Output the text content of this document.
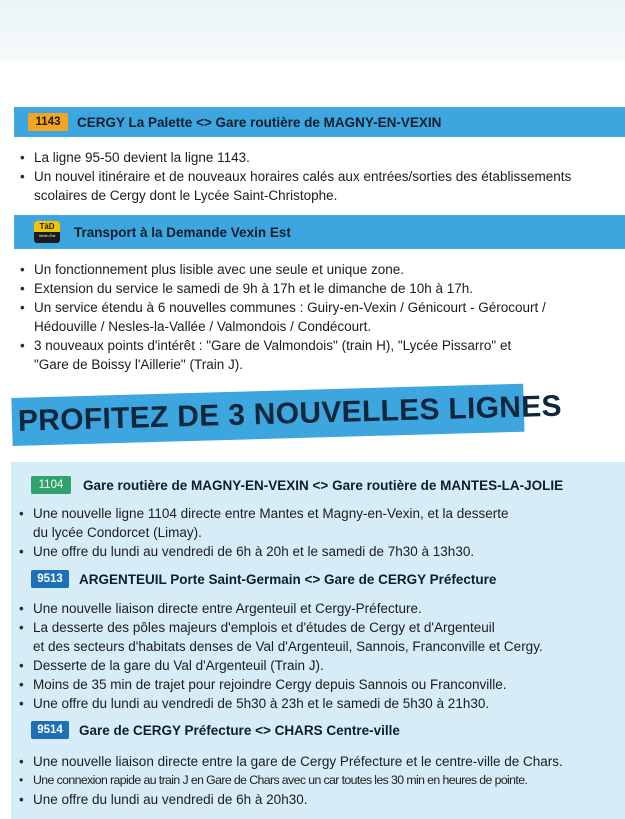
1143	CERGY La Palette <> Gare routière de MAGNY-EN-VEXIN
• La ligne 95-50 devient la ligne 1143.
• Un nouvel itinéraire et de nouveaux horaires calés aux entrées/sorties des établissements
scolaires de Cergy dont le Lycée Saint-Christophe.
TàD
Vexin Est Transport à la Demande Vexin Est
• Un fonctionnement plus lisible avec une seule et unique zone.
• Extension du service le samedi de 9h à 17h et le dimanche de 10h à 17h.
• Un service étendu à 6 nouvelles communes : Guiry-en-Vexin / Génicourt - Gérocourt /
Hédouville / Nesles-la-Vallée / Valmondois / Condécourt.
• 3 nouveaux points d'intérêt : "Gare de Valmondois" (train H), "Lycée Pissarro" et
"Gare de Boissy l'Aillerie" (Train J).
PROFITEZ DE 3 NOUVELLES LIGNES
1104	Gare routière de MAGNY-EN-VEXIN <> Gare routière de MANTES-LA-JOLIE
• Une nouvelle ligne 1104 directe entre Mantes et Magny-en-Vexin, et la desserte
du lycée Condorcet (Limay).
• Une offre du lundi au vendredi de 6h à 20h et le samedi de 7h30 à 13h30.
9513	ARGENTEUIL Porte Saint-Germain <> Gare de CERGY Préfecture
• Une nouvelle liaison directe entre Argenteuil et Cergy-Préfecture.
• La desserte des pôles majeurs d'emplois et d'études de Cergy et d'Argenteuil
et des secteurs d'habitats denses de Val d'Argenteuil, Sannois, Franconville et Cergy.
• Desserte de la gare du Val d'Argenteuil (Train J).
• Moins de 35 min de trajet pour rejoindre Cergy depuis Sannois ou Franconville.
• Une offre du lundi au vendredi de 5h30 à 23h et le samedi de 5h30 à 21h30.
9514	Gare de CERGY Préfecture <> CHARS Centre-ville
• Une nouvelle liaison directe entre la gare de Cergy Préfecture et le centre-ville de Chars.
• Une connexion rapide au train J en Gare de Chars avec un car toutes les 30 min en heures de pointe.
• Une offre du lundi au vendredi de 6h à 20h30.
